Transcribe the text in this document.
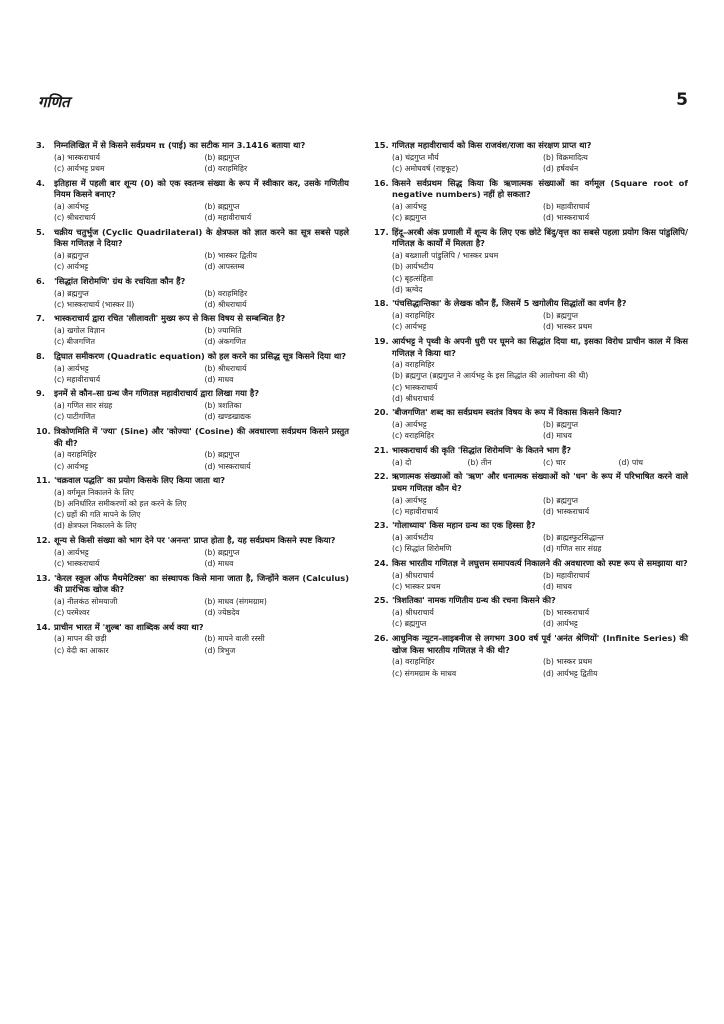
गणित	5
3. निम्नलिखित में से किसने सर्वप्रथम π (पाई) का सटीक मान 3.1416 बताया था?
(a) भास्कराचार्य	(b) ब्रह्मगुप्त
(c) आर्यभट्ट प्रथम	(d) वराहमिहिर
4. इतिहास में पहली बार शून्य (0) को एक स्वतन्त्र संख्या के रूप में स्वीकार कर, उसके गणितीय नियम किसने बनाए?
(a) आर्यभट्ट	(b) ब्रह्मगुप्त
(c) श्रीधराचार्य	(d) महावीराचार्य
5. चक्रीय चतुर्भुज (Cyclic Quadrilateral) के क्षेत्रफल को ज्ञात करने का सूत्र सबसे पहले किस गणितज्ञ ने दिया?
(a) ब्रह्मगुप्त	(b) भास्कर द्वितीय
(c) आर्यभट्ट	(d) आपस्तम्ब
6. 'सिद्धांत शिरोमणि' ग्रंथ के रचयिता कौन हैं?
(a) ब्रह्मगुप्त	(b) वराहमिहिर
(c) भास्कराचार्य (भास्कर II)	(d) श्रीधराचार्य
7. भास्कराचार्य द्वारा रचित 'लीलावती' मुख्य रूप से किस विषय से सम्बन्धित है?
(a) खगोल विज्ञान	(b) ज्यामिति
(c) बीजगणित	(d) अंकगणित
8. द्विघात समीकरण (Quadratic equation) को हल करने का प्रसिद्ध सूत्र किसने दिया था?
(a) आर्यभट्ट	(b) श्रीधराचार्य
(c) महावीराचार्य	(d) माधव
9. इनमें से कौन–सा ग्रन्थ जैन गणितज्ञ महावीराचार्य द्वारा लिखा गया है?
(a) गणित सार संग्रह	(b) त्रशतिका
(c) पाटीगणित	(d) खण्डखाद्यक
10. त्रिकोणमिति में 'ज्या' (Sine) और 'कोज्या' (Cosine) की अवधारणा सर्वप्रथम किसने प्रस्तुत की थी?
(a) वराहमिहिर	(b) ब्रह्मगुप्त
(c) आर्यभट्ट	(d) भास्कराचार्य
11. 'चक्रवाल पद्धति' का प्रयोग किसके लिए किया जाता था?
(a) वर्गमूल निकालने के लिए
(b) अनिर्धारित समीकरणों को हल करने के लिए
(c) ग्रहों की गति मापने के लिए
(d) क्षेत्रफल निकालने के लिए
12. शून्य से किसी संख्या को भाग देने पर 'अनन्त' प्राप्त होता है, यह सर्वप्रथम किसने स्पष्ट किया?
(a) आर्यभट्ट	(b) ब्रह्मगुप्त
(c) भास्कराचार्य	(d) माधव
13. 'केरल स्कूल ऑफ मैथमेटिक्स' का संस्थापक किसे माना जाता है, जिन्होंने कलन (Calculus) की प्रारंभिक खोज की?
(a) नीलकंठ सोमयाजी	(b) माधव (संगमग्राम)
(c) परमेश्वर	(d) ज्येष्ठदेव
14. प्राचीन भारत में 'शुल्ब' का शाब्दिक अर्थ क्या था?
(a) मापन की छड़ी	(b) मापने वाली रस्सी
(c) वेदी का आकार	(d) त्रिभुज
15. गणितज्ञ महावीराचार्य को किस राजवंश/राजा का संरक्षण प्राप्त था?
(a) चंद्रगुप्त मौर्य	(b) विक्रमादित्य
(c) अमोघवर्ष (राष्ट्रकूट)	(d) हर्षवर्धन
16. किसने सर्वप्रथम सिद्ध किया कि ऋणात्मक संख्याओं का वर्गमूल (Square root of negative numbers) नहीं हो सकता?
(a) आर्यभट्ट	(b) महावीराचार्य
(c) ब्रह्मगुप्त	(d) भास्कराचार्य
17. हिंदू–अरबी अंक प्रणाली में शून्य के लिए एक छोटे बिंदु/वृत्त का सबसे पहला प्रयोग किस पांडुलिपि/गणितज्ञ के कार्यों में मिलता है?
(a) बख्शाली पांडुलिपि / भास्कर प्रथम
(b) आर्यभटीय
(c) बृहत्संहिता
(d) ऋग्वेद
18. 'पंचसिद्धान्तिका' के लेखक कौन हैं, जिसमें 5 खगोलीय सिद्धांतों का वर्णन है?
(a) वराहमिहिर	(b) ब्रह्मगुप्त
(c) आर्यभट्ट	(d) भास्कर प्रथम
19. आर्यभट्ट ने पृथ्वी के अपनी धुरी पर घूमने का सिद्धांत दिया था, इसका विरोध प्राचीन काल में किस गणितज्ञ ने किया था?
(a) वराहमिहिर
(b) ब्रह्मगुप्त (ब्रह्मगुप्त ने आर्यभट्ट के इस सिद्धांत की आलोचना की थी)
(c) भास्कराचार्य
(d) श्रीधराचार्य
20. 'बीजगणित' शब्द का सर्वप्रथम स्वतंत्र विषय के रूप में विकास किसने किया?
(a) आर्यभट्ट	(b) ब्रह्मगुप्त
(c) वराहमिहिर	(d) माधव
21. भास्कराचार्य की कृति 'सिद्धांत शिरोमणि' के कितने भाग हैं?
(a) दो	(b) तीन	(c) चार	(d) पांच
22. ऋणात्मक संख्याओं को 'ऋण' और धनात्मक संख्याओं को 'धन' के रूप में परिभाषित करने वाले प्रथम गणितज्ञ कौन थे?
(a) आर्यभट्ट	(b) ब्रह्मगुप्त
(c) महावीराचार्य	(d) भास्कराचार्य
23. 'गोलाध्याय' किस महान ग्रन्थ का एक हिस्सा है?
(a) आर्यभटीय	(b) ब्राह्मस्फुटसिद्धान्त
(c) सिद्धांत शिरोमणि	(d) गणित सार संग्रह
24. किस भारतीय गणितज्ञ ने लघुत्तम समापवर्त्य निकालने की अवधारणा को स्पष्ट रूप से समझाया था?
(a) श्रीधराचार्य	(b) महावीराचार्य
(c) भास्कर प्रथम	(d) माधव
25. 'त्रिशतिका' नामक गणितीय ग्रन्थ की रचना किसने की?
(a) श्रीधराचार्य	(b) भास्कराचार्य
(c) ब्रह्मगुप्त	(d) आर्यभट्ट
26. आधुनिक न्यूटन–लाइबनीज से लगभग 300 वर्ष पूर्व 'अनंत श्रेणियों' (Infinite Series) की खोज किस भारतीय गणितज्ञ ने की थी?
(a) वराहमिहिर	(b) भास्कर प्रथम
(c) संगमग्राम के माधव	(d) आर्यभट्ट द्वितीय
